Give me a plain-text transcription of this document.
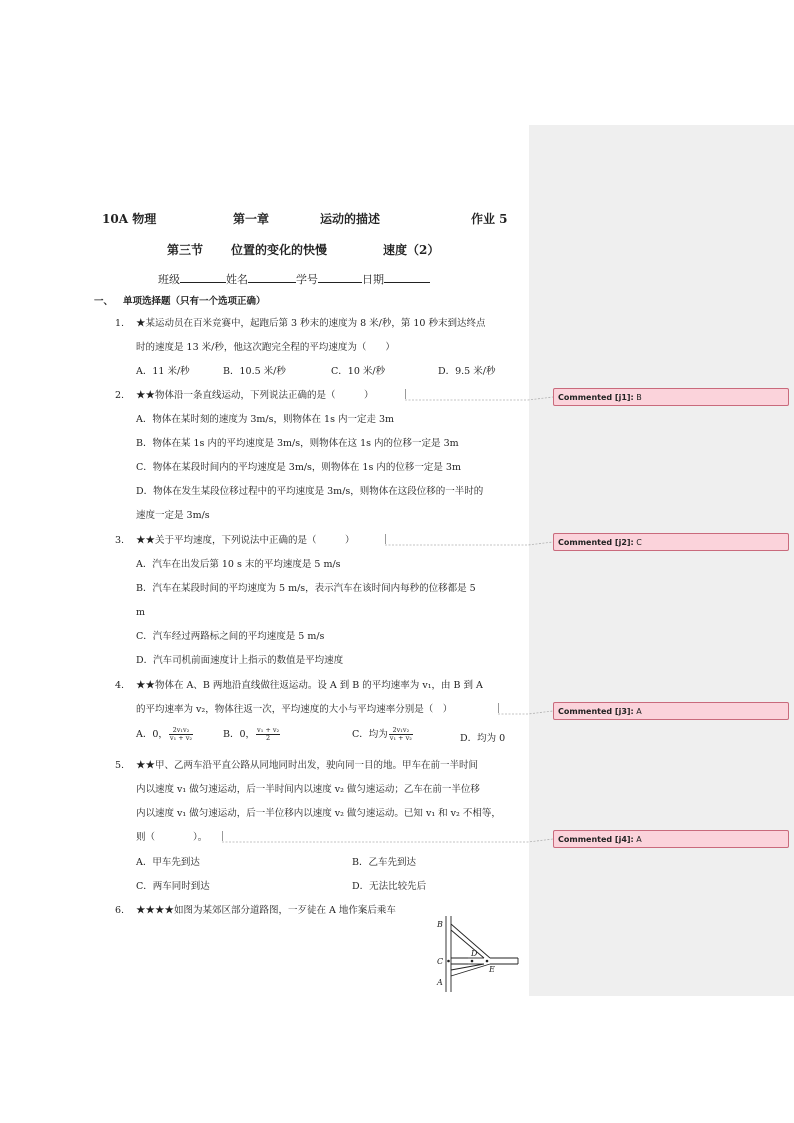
10A 物理	第一章	运动的描述	作业 5
第三节 位置的变化的快慢	速度（2）
班级	姓名	学号	日期
一、 单项选择题（只有一个选项正确）
1. ★某运动员在百米竞赛中，起跑后第 3 秒末的速度为 8 米/秒，第 10 秒末到达终点
时的速度是 13 米/秒，他这次跑完全程的平均速度为（　　）
A．11 米/秒	B．10.5 米/秒	C．10 米/秒	D．9.5 米/秒
2. ★★物体沿一条直线运动，下列说法正确的是（　　　）
A．物体在某时刻的速度为 3m/s，则物体在 1s 内一定走 3m
B．物体在某 1s 内的平均速度是 3m/s，则物体在这 1s 内的位移一定是 3m
C．物体在某段时间内的平均速度是 3m/s，则物体在 1s 内的位移一定是 3m
D．物体在发生某段位移过程中的平均速度是 3m/s，则物体在这段位移的一半时的
速度一定是 3m/s
3. ★★关于平均速度，下列说法中正确的是（　　　）
A．汽车在出发后第 10 s 末的平均速度是 5 m/s
B．汽车在某段时间的平均速度为 5 m/s，表示汽车在该时间内每秒的位移都是 5
m
C．汽车经过两路标之间的平均速度是 5 m/s
D．汽车司机前面速度计上指示的数值是平均速度
4. ★★物体在 A、B 两地沿直线做往返运动。设 A 到 B 的平均速率为 v₁，由 B 到 A
的平均速率为 v₂，物体往返一次，平均速度的大小与平均速率分别是（　）
A．0， $\frac{\text{2v₁v₂}}{\text{v₁ + v₂}}$	B．0， $\frac{\text{v₁ + v₂}}{2}$	C．均为 $\frac{\text{2v₁v₂}}{\text{v₁ + v₂}}$	D．均为 0
5. ★★甲、乙两车沿平直公路从同地同时出发，驶向同一目的地。甲车在前一半时间
内以速度 v₁ 做匀速运动，后一半时间内以速度 v₂ 做匀速运动；乙车在前一半位移
内以速度 v₁ 做匀速运动，后一半位移内以速度 v₂ 做匀速运动。已知 v₁ 和 v₂ 不相等，
则（　　　　）。
A．甲车先到达	B．乙车先到达
C．两车同时到达	D．无法比较先后
6. ★★★★如图为某郊区部分道路图，一歹徒在 A 地作案后乘车
B
C
D
E
A
Commented [j1]: B
Commented [j2]: C
Commented [j3]: A
Commented [j4]: A
